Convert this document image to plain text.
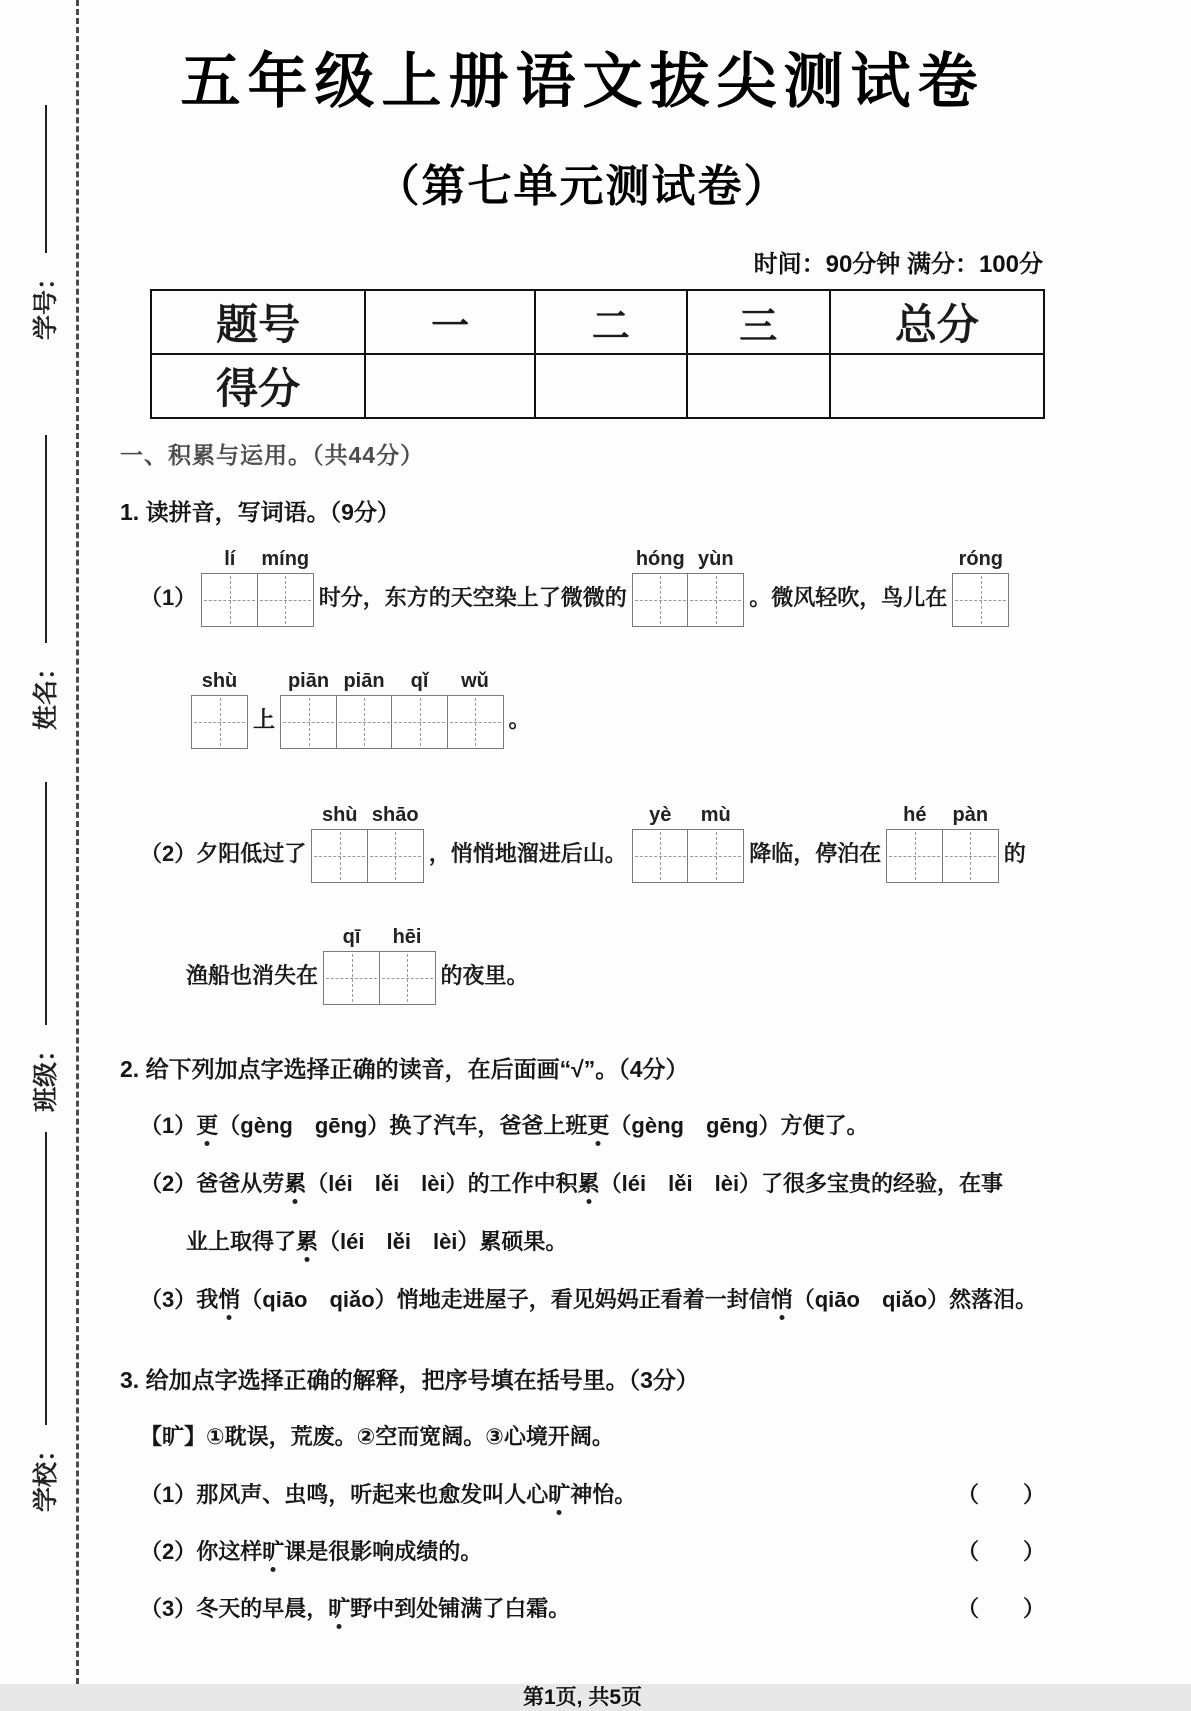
学号：
姓名：
班级：
学校：
五年级上册语文拔尖测试卷
（第七单元测试卷）
时间：90分钟 满分：100分
题号	一	二	三	总分
得分				
一、积累与运用。（共44分）
1. 读拼音，写词语。（9分）
（1）
lí míng
时分，东方的天空染上了微微的
hóng yùn
。微风轻吹，鸟儿在
róng
shù
上
piān piān qǐ wǔ
。
（2）夕阳低过了
shù shāo
，悄悄地溜进后山。
yè mù
降临，停泊在
hé pàn
的
渔船也消失在
qī hēi
的夜里。
2. 给下列加点字选择正确的读音，在后面画“√”。（4分）
（1）更（gèng　gēng）换了汽车，爸爸上班更（gèng　gēng）方便了。
（2）爸爸从劳累（léi　lěi　lèi）的工作中积累（léi　lěi　lèi）了很多宝贵的经验，在事
业上取得了累（léi　lěi　lèi）累硕果。
（3）我悄（qiāo　qiǎo）悄地走进屋子，看见妈妈正看着一封信悄（qiāo　qiǎo）然落泪。
3. 给加点字选择正确的解释，把序号填在括号里。（3分）
【旷】①耽误，荒废。②空而宽阔。③心境开阔。
（1）那风声、虫鸣，听起来也愈发叫人心旷神怡。	（　　）
（2）你这样旷课是很影响成绩的。	（　　）
（3）冬天的早晨，旷野中到处铺满了白霜。	（　　）
第1页, 共5页
